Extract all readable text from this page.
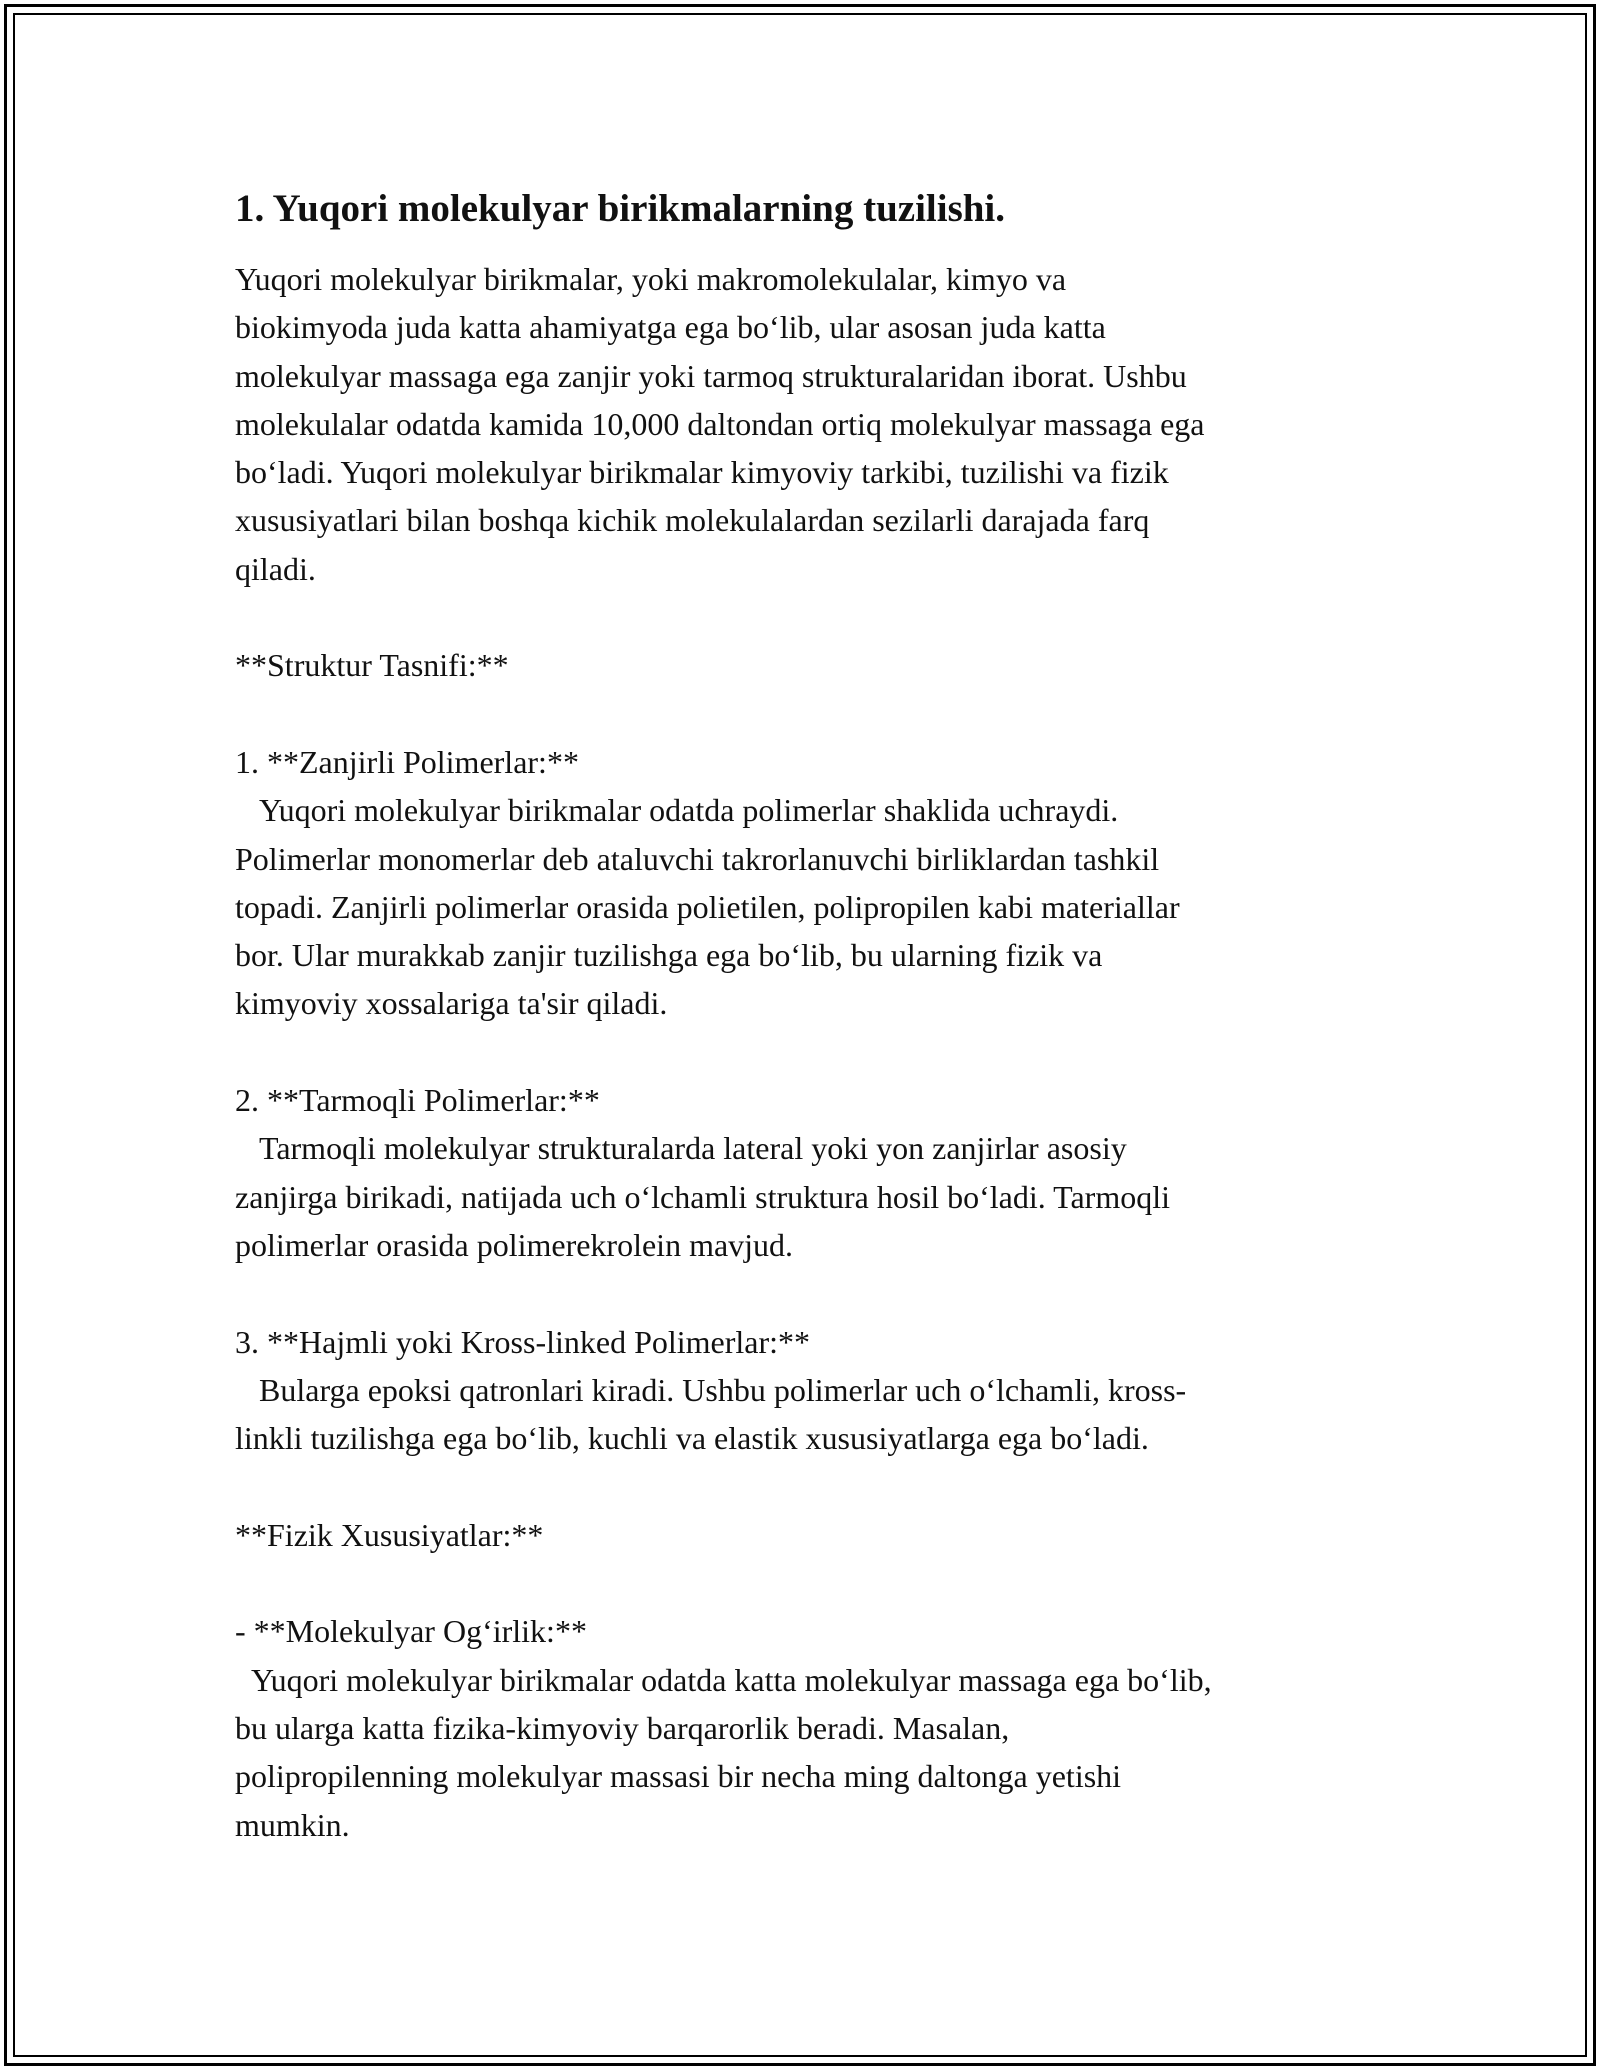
1. Yuqori molekulyar birikmalarning tuzilishi.

Yuqori molekulyar birikmalar, yoki makromolekulalar, kimyo va
biokimyoda juda katta ahamiyatga ega bo‘lib, ular asosan juda katta
molekulyar massaga ega zanjir yoki tarmoq strukturalaridan iborat. Ushbu
molekulalar odatda kamida 10,000 daltondan ortiq molekulyar massaga ega
bo‘ladi. Yuqori molekulyar birikmalar kimyoviy tarkibi, tuzilishi va fizik
xususiyatlari bilan boshqa kichik molekulalardan sezilarli darajada farq
qiladi.

**Struktur Tasnifi:**

1. **Zanjirli Polimerlar:**

Yuqori molekulyar birikmalar odatda polimerlar shaklida uchraydi.
Polimerlar monomerlar deb ataluvchi takrorlanuvchi birliklardan tashkil
topadi. Zanjirli polimerlar orasida polietilen, polipropilen kabi materiallar
bor. Ular murakkab zanjir tuzilishga ega bo‘lib, bu ularning fizik va
kimyoviy xossalariga ta'sir qiladi.

2. **Tarmoqli Polimerlar:**

Tarmoqli molekulyar strukturalarda lateral yoki yon zanjirlar asosiy
zanjirga birikadi, natijada uch o‘lchamli struktura hosil bo‘ladi. Tarmoqli
polimerlar orasida polimerekrolein mavjud.

3. **Hajmli yoki Kross-linked Polimerlar:**

Bularga epoksi qatronlari kiradi. Ushbu polimerlar uch o‘lchamli, kross-
linkli tuzilishga ega bo‘lib, kuchli va elastik xususiyatlarga ega bo‘ladi.

**Fizik Xususiyatlar:**

- **Molekulyar Og‘irlik:**

Yuqori molekulyar birikmalar odatda katta molekulyar massaga ega bo‘lib,
bu ularga katta fizika-kimyoviy barqarorlik beradi. Masalan,
polipropilenning molekulyar massasi bir necha ming daltonga yetishi
mumkin.
